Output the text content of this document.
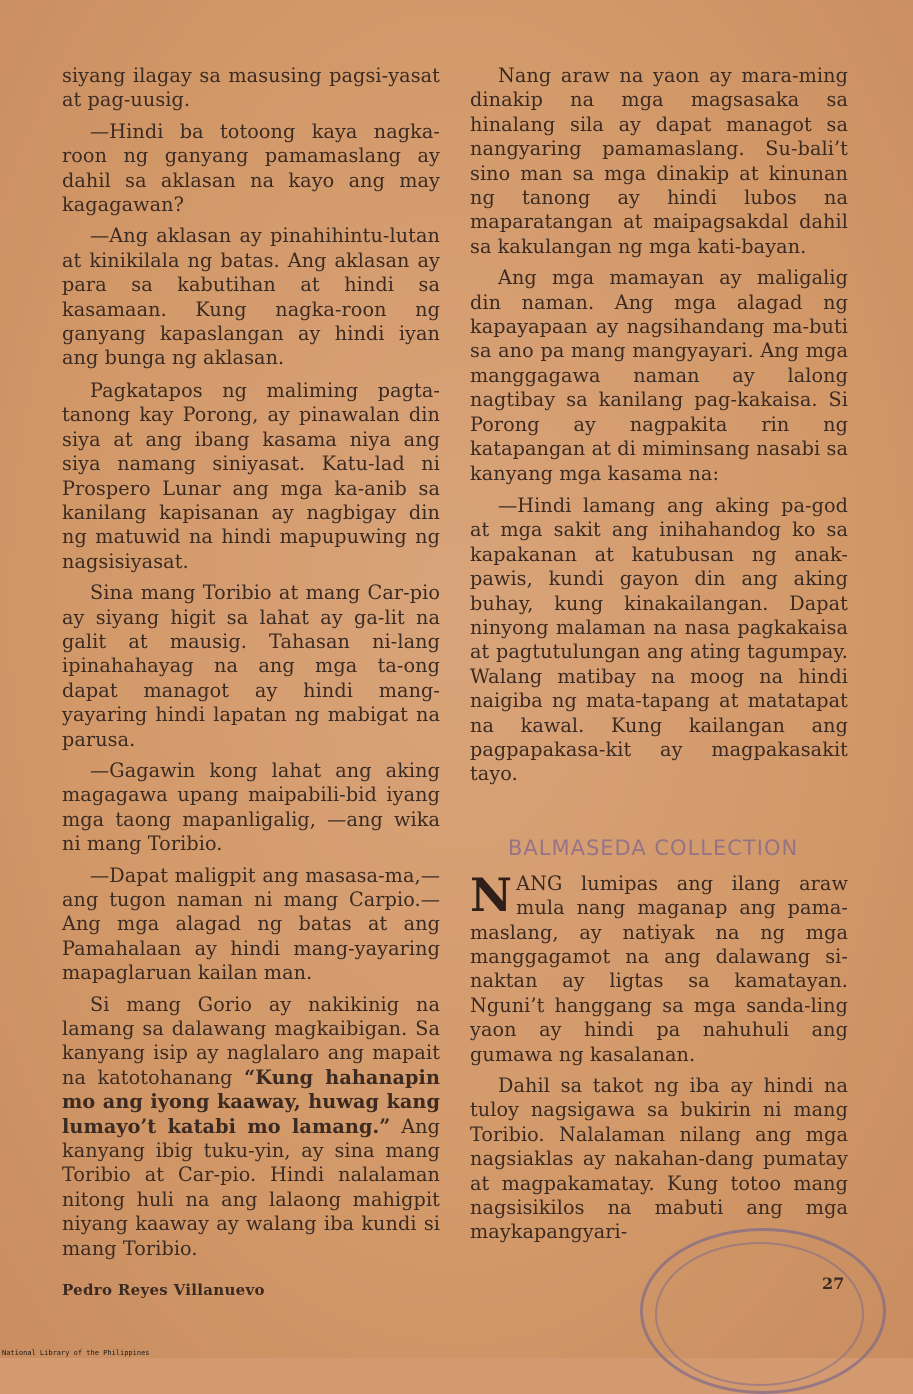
siyang ilagay sa masusing pagsi-yasat at pag-uusig.

—Hindi ba totoong kaya nagka-roon ng ganyang pamamaslang ay dahil sa aklasan na kayo ang may kagagawan?

—Ang aklasan ay pinahihintu-lutan at kinikilala ng batas. Ang aklasan ay para sa kabutihan at hindi sa kasamaan. Kung nagka-roon ng ganyang kapaslangan ay hindi iyan ang bunga ng aklasan.

Pagkatapos ng maliming pagta-tanong kay Porong, ay pinawalan din siya at ang ibang kasama niya ang siya namang siniyasat. Katu-lad ni Prospero Lunar ang mga ka-anib sa kanilang kapisanan ay nagbigay din ng matuwid na hindi mapupuwing ng nagsisiyasat.

Sina mang Toribio at mang Car-pio ay siyang higit sa lahat ay ga-lit na galit at mausig. Tahasan ni-lang ipinahahayag na ang mga ta-ong dapat managot ay hindi mang-yayaring hindi lapatan ng mabigat na parusa.

—Gagawin kong lahat ang aking magagawa upang maipabili-bid iyang mga taong mapanligalig, —ang wika ni mang Toribio.

—Dapat maligpit ang masasa-ma,—ang tugon naman ni mang Carpio.—Ang mga alagad ng batas at ang Pamahalaan ay hindi mang-yayaring mapaglaruan kailan man.

Si mang Gorio ay nakikinig na lamang sa dalawang magkaibigan. Sa kanyang isip ay naglalaro ang mapait na katotohanang “Kung hahanapin mo ang iyong kaaway, huwag kang lumayo’t katabi mo lamang.” Ang kanyang ibig tuku-yin, ay sina mang Toribio at Car-pio. Hindi nalalaman nitong huli na ang lalaong mahigpit niyang kaaway ay walang iba kundi si mang Toribio.

Nang araw na yaon ay mara-ming dinakip na mga magsasaka sa hinalang sila ay dapat managot sa nangyaring pamamaslang. Su-bali’t sino man sa mga dinakip at kinunan ng tanong ay hindi lubos na maparatangan at maipagsakdal dahil sa kakulangan ng mga kati-bayan.

Ang mga mamayan ay maligalig din naman. Ang mga alagad ng kapayapaan ay nagsihandang ma-buti sa ano pa mang mangyayari. Ang mga manggagawa naman ay lalong nagtibay sa kanilang pag-kakaisa. Si Porong ay nagpakita rin ng katapangan at di miminsang nasabi sa kanyang mga kasama na:

—Hindi lamang ang aking pa-god at mga sakit ang inihahandog ko sa kapakanan at katubusan ng anak-pawis, kundi gayon din ang aking buhay, kung kinakailangan. Dapat ninyong malaman na nasa pagkakaisa at pagtutulungan ang ating tagumpay. Walang matibay na moog na hindi naigiba ng mata-tapang at matatapat na kawal. Kung kailangan ang pagpapakasa-kit ay magpakasakit tayo.

NANG lumipas ang ilang araw mula nang maganap ang pama-maslang, ay natiyak na ng mga manggagamot na ang dalawang si-naktan ay ligtas sa kamatayan. Nguni’t hanggang sa mga sanda-ling yaon ay hindi pa nahuhuli ang gumawa ng kasalanan.

Dahil sa takot ng iba ay hindi na tuloy nagsigawa sa bukirin ni mang Toribio. Nalalaman nilang ang mga nagsiaklas ay nakahan-dang pumatay at magpakamatay. Kung totoo mang nagsisikilos na mabuti ang mga maykapangyari-

BALMASEDA COLLECTION
Pedro Reyes Villanuevo	27
National Library of the Philippines
